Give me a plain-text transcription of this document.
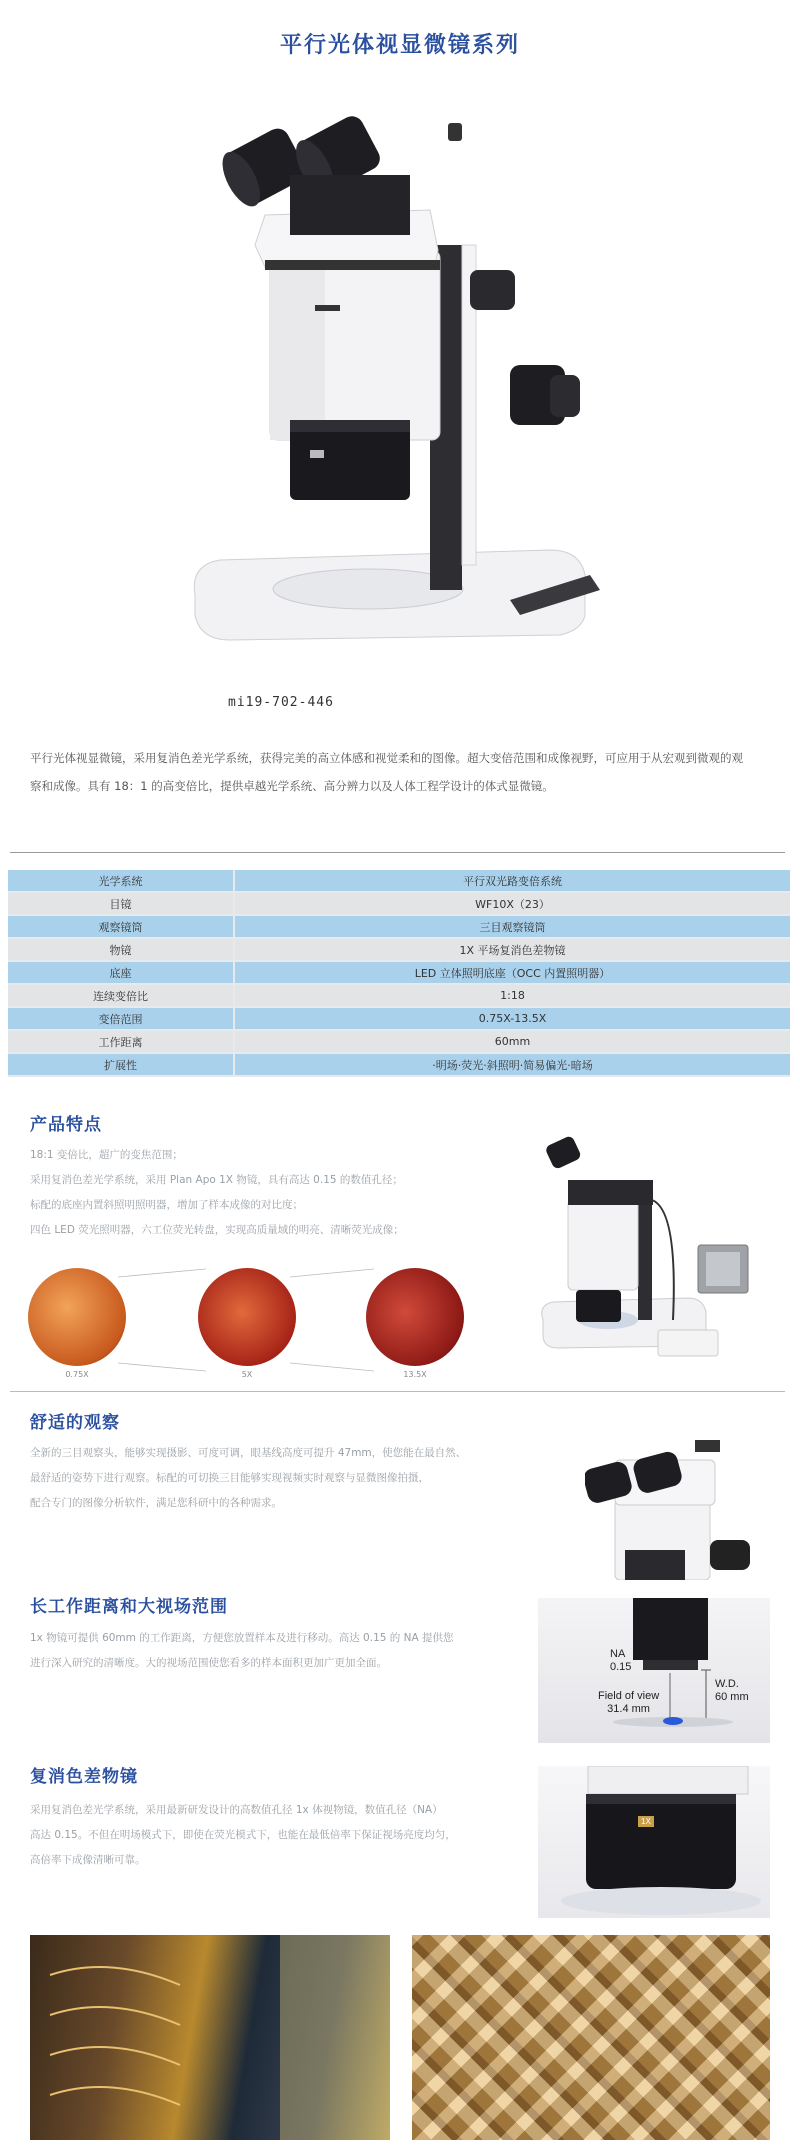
平行光体视显微镜系列
mi19-702-446

平行光体视显微镜，采用复消色差光学系统，获得完美的高立体感和视觉柔和的图像。超大变倍范围和成像视野，可应用于从宏观到微观的观察和成像。具有 18：1 的高变倍比，提供卓越光学系统、高分辨力以及人体工程学设计的体式显微镜。

光学系统	平行双光路变倍系统
目镜	WF10X（23）
观察镜筒	三目观察镜筒
物镜	1X 平场复消色差物镜
底座	LED 立体照明底座（OCC 内置照明器）
连续变倍比	1:18
变倍范围	0.75X-13.5X
工作距离	60mm
扩展性	·明场·荧光·斜照明·简易偏光·暗场
产品特点
18:1 变倍比，超广的变焦范围；
采用复消色差光学系统，采用 Plan Apo 1X 物镜，具有高达 0.15 的数值孔径；
标配的底座内置斜照明照明器，增加了样本成像的对比度；
四色 LED 荧光照明器，六工位荧光转盘，实现高质量域的明亮、清晰荧光成像；
0.75X	5X	13.5X
舒适的观察
全新的三目观察头，能够实现摄影、可度可调，眼基线高度可提升 47mm，使您能在最自然、
最舒适的姿势下进行观察。标配的可切换三目能够实现视频实时观察与显微图像拍摄，
配合专门的图像分析软件，满足您科研中的各种需求。
长工作距离和大视场范围
1x 物镜可提供 60mm 的工作距离，方便您放置样本及进行移动。高达 0.15 的 NA 提供您
进行深入研究的清晰度。大的视场范围使您看多的样本面积更加广更加全面。
NA
0.15
Field of view
31.4 mm
W.D.
60 mm
复消色差物镜
采用复消色差光学系统，采用最新研发设计的高数值孔径 1x 体视物镜，数值孔径（NA）
高达 0.15。不但在明场模式下，即使在荧光模式下，也能在最低倍率下保证视场亮度均匀，
高倍率下成像清晰可靠。
1X
